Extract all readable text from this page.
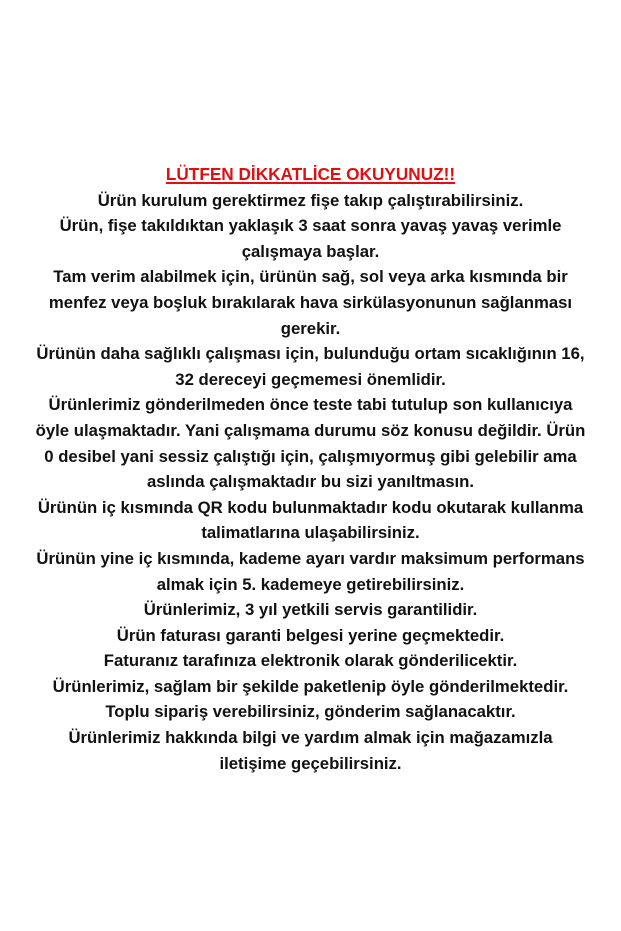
LÜTFEN DİKKATLİCE OKUYUNUZ!!
Ürün kurulum gerektirmez fişe takıp çalıştırabilirsiniz.
Ürün, fişe takıldıktan yaklaşık 3 saat sonra yavaş yavaş verimle
çalışmaya başlar.
Tam verim alabilmek için, ürünün sağ, sol veya arka kısmında bir
menfez veya boşluk bırakılarak hava sirkülasyonunun sağlanması
gerekir.
Ürünün daha sağlıklı çalışması için, bulunduğu ortam sıcaklığının 16,
32 dereceyi geçmemesi önemlidir.
Ürünlerimiz gönderilmeden önce teste tabi tutulup son kullanıcıya
öyle ulaşmaktadır. Yani çalışmama durumu söz konusu değildir. Ürün
0 desibel yani sessiz çalıştığı için, çalışmıyormuş gibi gelebilir ama
aslında çalışmaktadır bu sizi yanıltmasın.
Ürünün iç kısmında QR kodu bulunmaktadır kodu okutarak kullanma
talimatlarına ulaşabilirsiniz.
Ürünün yine iç kısmında, kademe ayarı vardır maksimum performans
almak için 5. kademeye getirebilirsiniz.
Ürünlerimiz, 3 yıl yetkili servis garantilidir.
Ürün faturası garanti belgesi yerine geçmektedir.
Faturanız tarafınıza elektronik olarak gönderilicektir.
Ürünlerimiz, sağlam bir şekilde paketlenip öyle gönderilmektedir.
Toplu sipariş verebilirsiniz, gönderim sağlanacaktır.
Ürünlerimiz hakkında bilgi ve yardım almak için mağazamızla
iletişime geçebilirsiniz.
